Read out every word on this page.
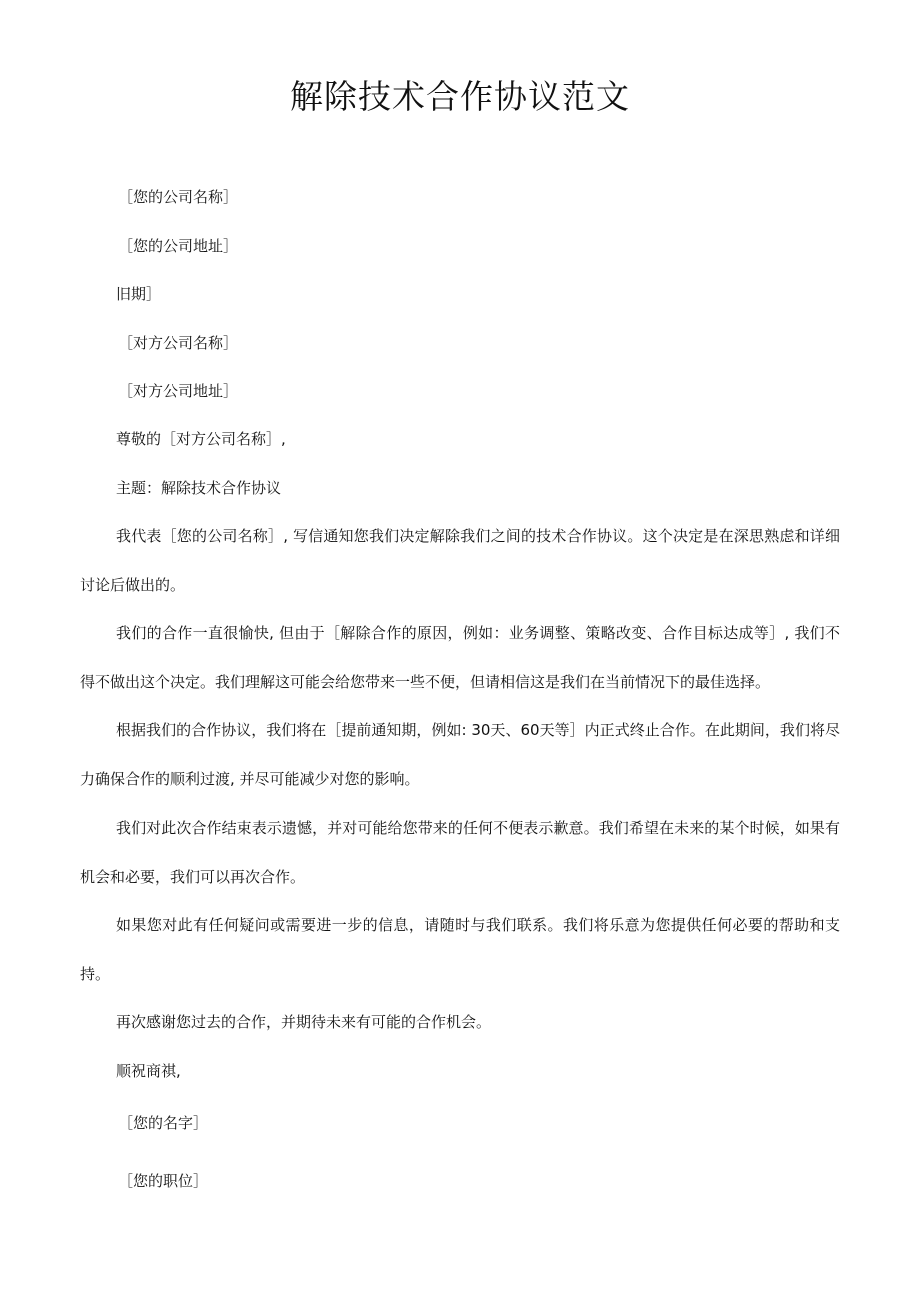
解除技术合作协议范文

［您的公司名称］

［您的公司地址］

旧期］

［对方公司名称］

［对方公司地址］

尊敬的［对方公司名称］,

主题：解除技术合作协议

我代表［您的公司名称］, 写信通知您我们决定解除我们之间的技术合作协议。这个决定是在深思熟虑和详细讨论后做出的。

我们的合作一直很愉快, 但由于［解除合作的原因，例如：业务调整、策略改变、合作目标达成等］, 我们不得不做出这个决定。我们理解这可能会给您带来一些不便，但请相信这是我们在当前情况下的最佳选择。

根据我们的合作协议，我们将在［提前通知期，例如: 30天、60天等］内正式终止合作。在此期间，我们将尽力确保合作的顺利过渡, 并尽可能减少对您的影响。

我们对此次合作结束表示遗憾，并对可能给您带来的任何不便表示歉意。我们希望在未来的某个时候，如果有机会和必要，我们可以再次合作。

如果您对此有任何疑问或需要进一步的信息，请随时与我们联系。我们将乐意为您提供任何必要的帮助和支持。

再次感谢您过去的合作，并期待未来有可能的合作机会。

顺祝商祺,

［您的名字］

［您的职位］
